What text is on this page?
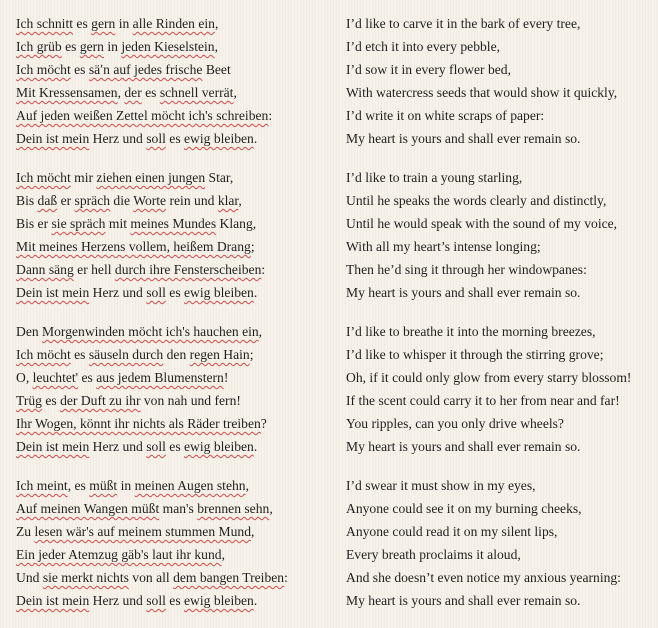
Ich schnitt es gern in alle Rinden ein,
Ich grüb es gern in jeden Kieselstein,
Ich möcht es säʹn auf jedes frische Beet
Mit Kressensamen, der es schnell verrät,
Auf jeden weißen Zettel möcht ich's schreiben:
Dein ist mein Herz und soll es ewig bleiben.
Ich möcht mir ziehen einen jungen Star,
Bis daß er spräch die Worte rein und klar,
Bis er sie spräch mit meines Mundes Klang,
Mit meines Herzens vollem, heißem Drang;
Dann säng er hell durch ihre Fensterscheiben:
Dein ist mein Herz und soll es ewig bleiben.
Den Morgenwinden möcht ich's hauchen ein,
Ich möcht es säuseln durch den regen Hain;
O, leuchtet' es aus jedem Blumenstern!
Trüg es der Duft zu ihr von nah und fern!
Ihr Wogen, könnt ihr nichts als Räder treiben?
Dein ist mein Herz und soll es ewig bleiben.
Ich meint, es müßt in meinen Augen stehn,
Auf meinen Wangen müßt man's brennen sehn,
Zu lesen wär's auf meinem stummen Mund,
Ein jeder Atemzug gäb's laut ihr kund,
Und sie merkt nichts von all dem bangen Treiben:
Dein ist mein Herz und soll es ewig bleiben.
I’d like to carve it in the bark of every tree,
I’d etch it into every pebble,
I’d sow it in every flower bed,
With watercress seeds that would show it quickly,
I’d write it on white scraps of paper:
My heart is yours and shall ever remain so.
I’d like to train a young starling,
Until he speaks the words clearly and distinctly,
Until he would speak with the sound of my voice,
With all my heart’s intense longing;
Then he’d sing it through her windowpanes:
My heart is yours and shall ever remain so.
I’d like to breathe it into the morning breezes,
I’d like to whisper it through the stirring grove;
Oh, if it could only glow from every starry blossom!
If the scent could carry it to her from near and far!
You ripples, can you only drive wheels?
My heart is yours and shall ever remain so.
I’d swear it must show in my eyes,
Anyone could see it on my burning cheeks,
Anyone could read it on my silent lips,
Every breath proclaims it aloud,
And she doesn’t even notice my anxious yearning:
My heart is yours and shall ever remain so.
